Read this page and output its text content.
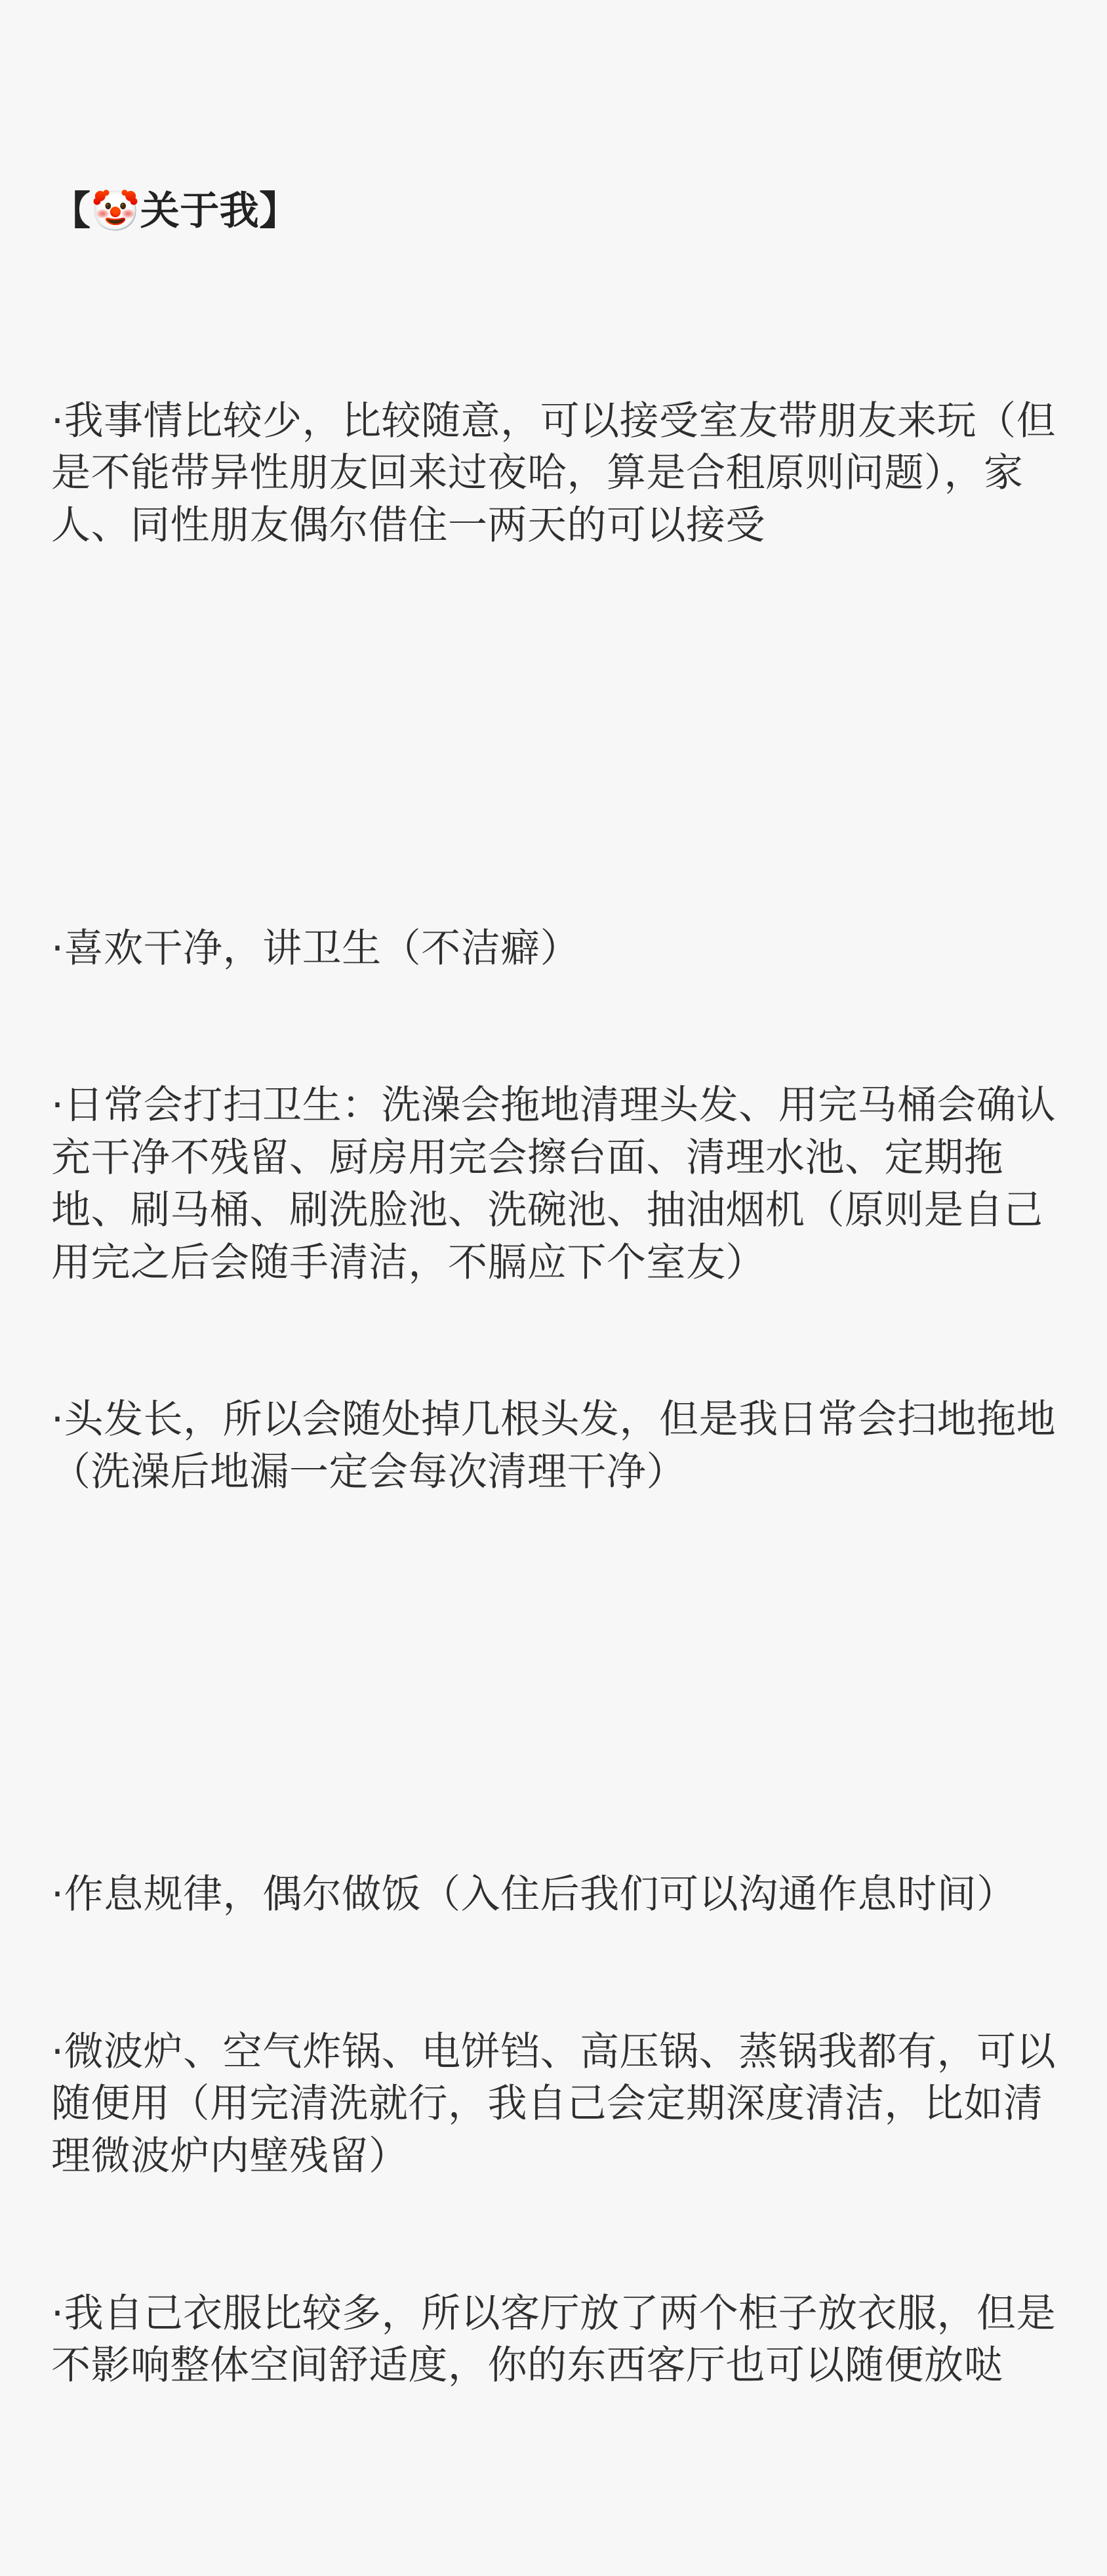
【🤡关于我】

·我事情比较少，比较随意，可以接受室友带朋友来玩（但是不能带异性朋友回来过夜哈，算是合租原则问题），家人、同性朋友偶尔借住一两天的可以接受

·喜欢干净，讲卫生（不洁癖）

·日常会打扫卫生：洗澡会拖地清理头发、用完马桶会确认充干净不残留、厨房用完会擦台面、清理水池、定期拖地、刷马桶、刷洗脸池、洗碗池、抽油烟机（原则是自己用完之后会随手清洁，不膈应下个室友）

·头发长，所以会随处掉几根头发，但是我日常会扫地拖地（洗澡后地漏一定会每次清理干净）

·作息规律，偶尔做饭（入住后我们可以沟通作息时间）

·微波炉、空气炸锅、电饼铛、高压锅、蒸锅我都有，可以随便用（用完清洗就行，我自己会定期深度清洁，比如清理微波炉内壁残留）

·我自己衣服比较多，所以客厅放了两个柜子放衣服，但是不影响整体空间舒适度，你的东西客厅也可以随便放哒
